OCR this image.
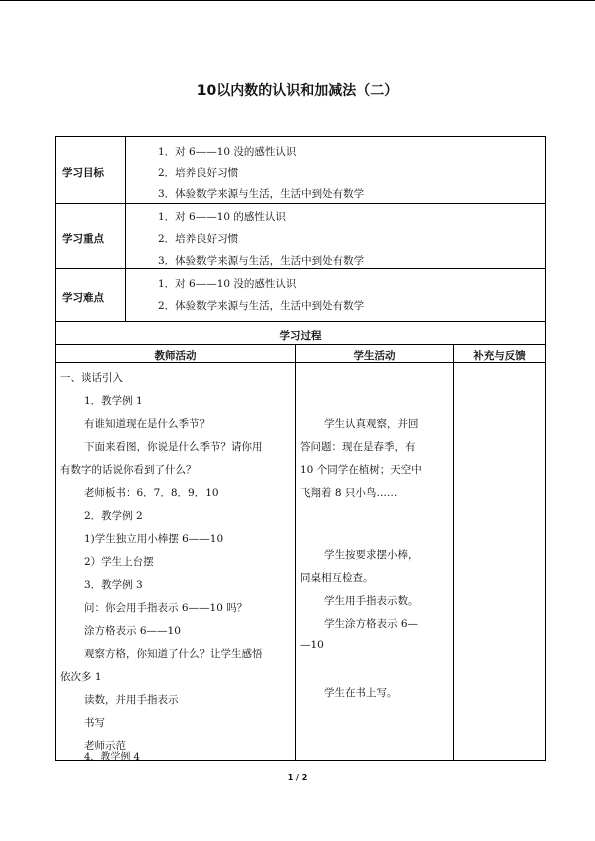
10以内数的认识和加减法（二）
学习目标
1．对 6——10 没的感性认识
2．培养良好习惯
3．体验数学来源与生活，生活中到处有数学
学习重点
1．对 6——10 的感性认识
2．培养良好习惯
3．体验数学来源与生活，生活中到处有数学
学习难点
1．对 6——10 没的感性认识
2．体验数学来源与生活，生活中到处有数学
学习过程
教师活动	学生活动	补充与反馈
一、谈话引入
1．教学例 1
有谁知道现在是什么季节？
下面来看图，你说是什么季节？请你用
有数字的话说你看到了什么？
老师板书：6．7．8．9．10
2．教学例 2
1)学生独立用小棒摆 6——10
2）学生上台摆
3．教学例 3
问：你会用手指表示 6——10 吗？
涂方格表示 6——10
观察方格，你知道了什么？让学生感悟
依次多 1
读数，并用手指表示
书写
老师示范
4．教学例 4
学生认真观察，并回
答问题：现在是春季，有
10 个同学在植树；天空中
飞翔着 8 只小鸟……
学生按要求摆小棒，
同桌相互检查。
学生用手指表示数。
学生涂方格表示 6—
—10
学生在书上写。
1 / 2
